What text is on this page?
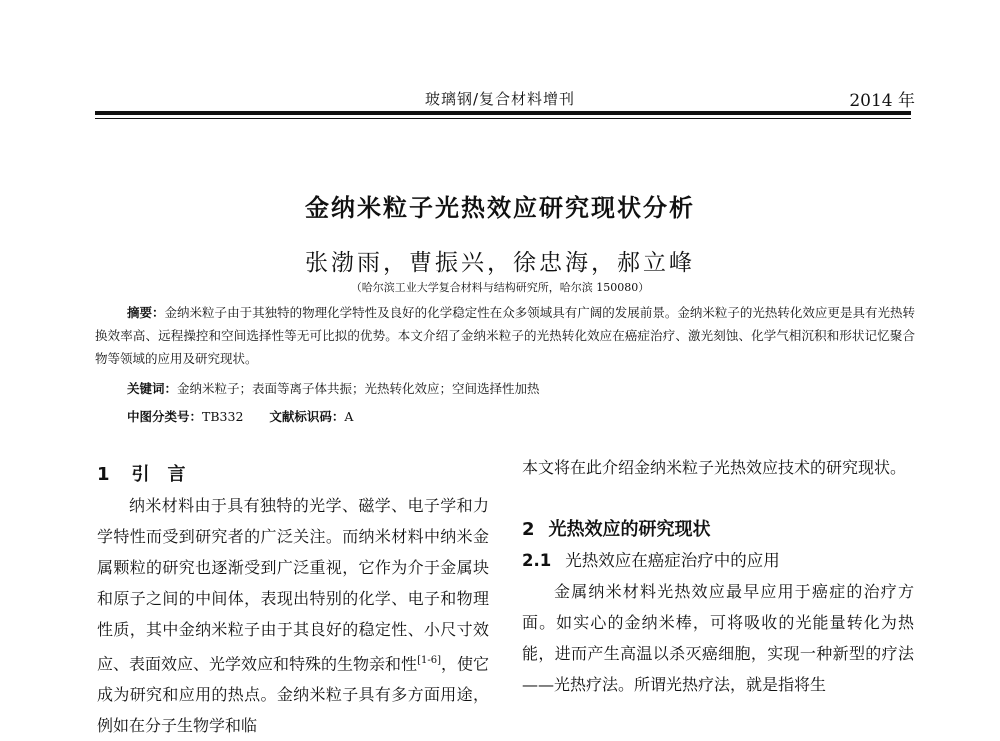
玻璃钢/复合材料增刊	2014 年
金纳米粒子光热效应研究现状分析
张渤雨，曹振兴，徐忠海，郝立峰
（哈尔滨工业大学复合材料与结构研究所，哈尔滨 150080）

摘要：金纳米粒子由于其独特的物理化学特性及良好的化学稳定性在众多领域具有广阔的发展前景。金纳米粒子的光热转化效应更是具有光热转换效率高、远程操控和空间选择性等无可比拟的优势。本文介绍了金纳米粒子的光热转化效应在癌症治疗、激光刻蚀、化学气相沉积和形状记忆聚合物等领域的应用及研究现状。

关键词：金纳米粒子；表面等离子体共振；光热转化效应；空间选择性加热
中图分类号：TB332 文献标识码：A
1 引　言

纳米材料由于具有独特的光学、磁学、电子学和力学特性而受到研究者的广泛关注。而纳米材料中纳米金属颗粒的研究也逐渐受到广泛重视，它作为介于金属块和原子之间的中间体，表现出特别的化学、电子和物理性质，其中金纳米粒子由于其良好的稳定性、小尺寸效应、表面效应、光学效应和特殊的生物亲和性[1-6]，使它成为研究和应用的热点。金纳米粒子具有多方面用途，例如在分子生物学和临

本文将在此介绍金纳米粒子光热效应技术的研究现状。

2 光热效应的研究现状
2.1 光热效应在癌症治疗中的应用

金属纳米材料光热效应最早应用于癌症的治疗方面。如实心的金纳米棒，可将吸收的光能量转化为热能，进而产生高温以杀灭癌细胞，实现一种新型的疗法——光热疗法。所谓光热疗法，就是指将生
